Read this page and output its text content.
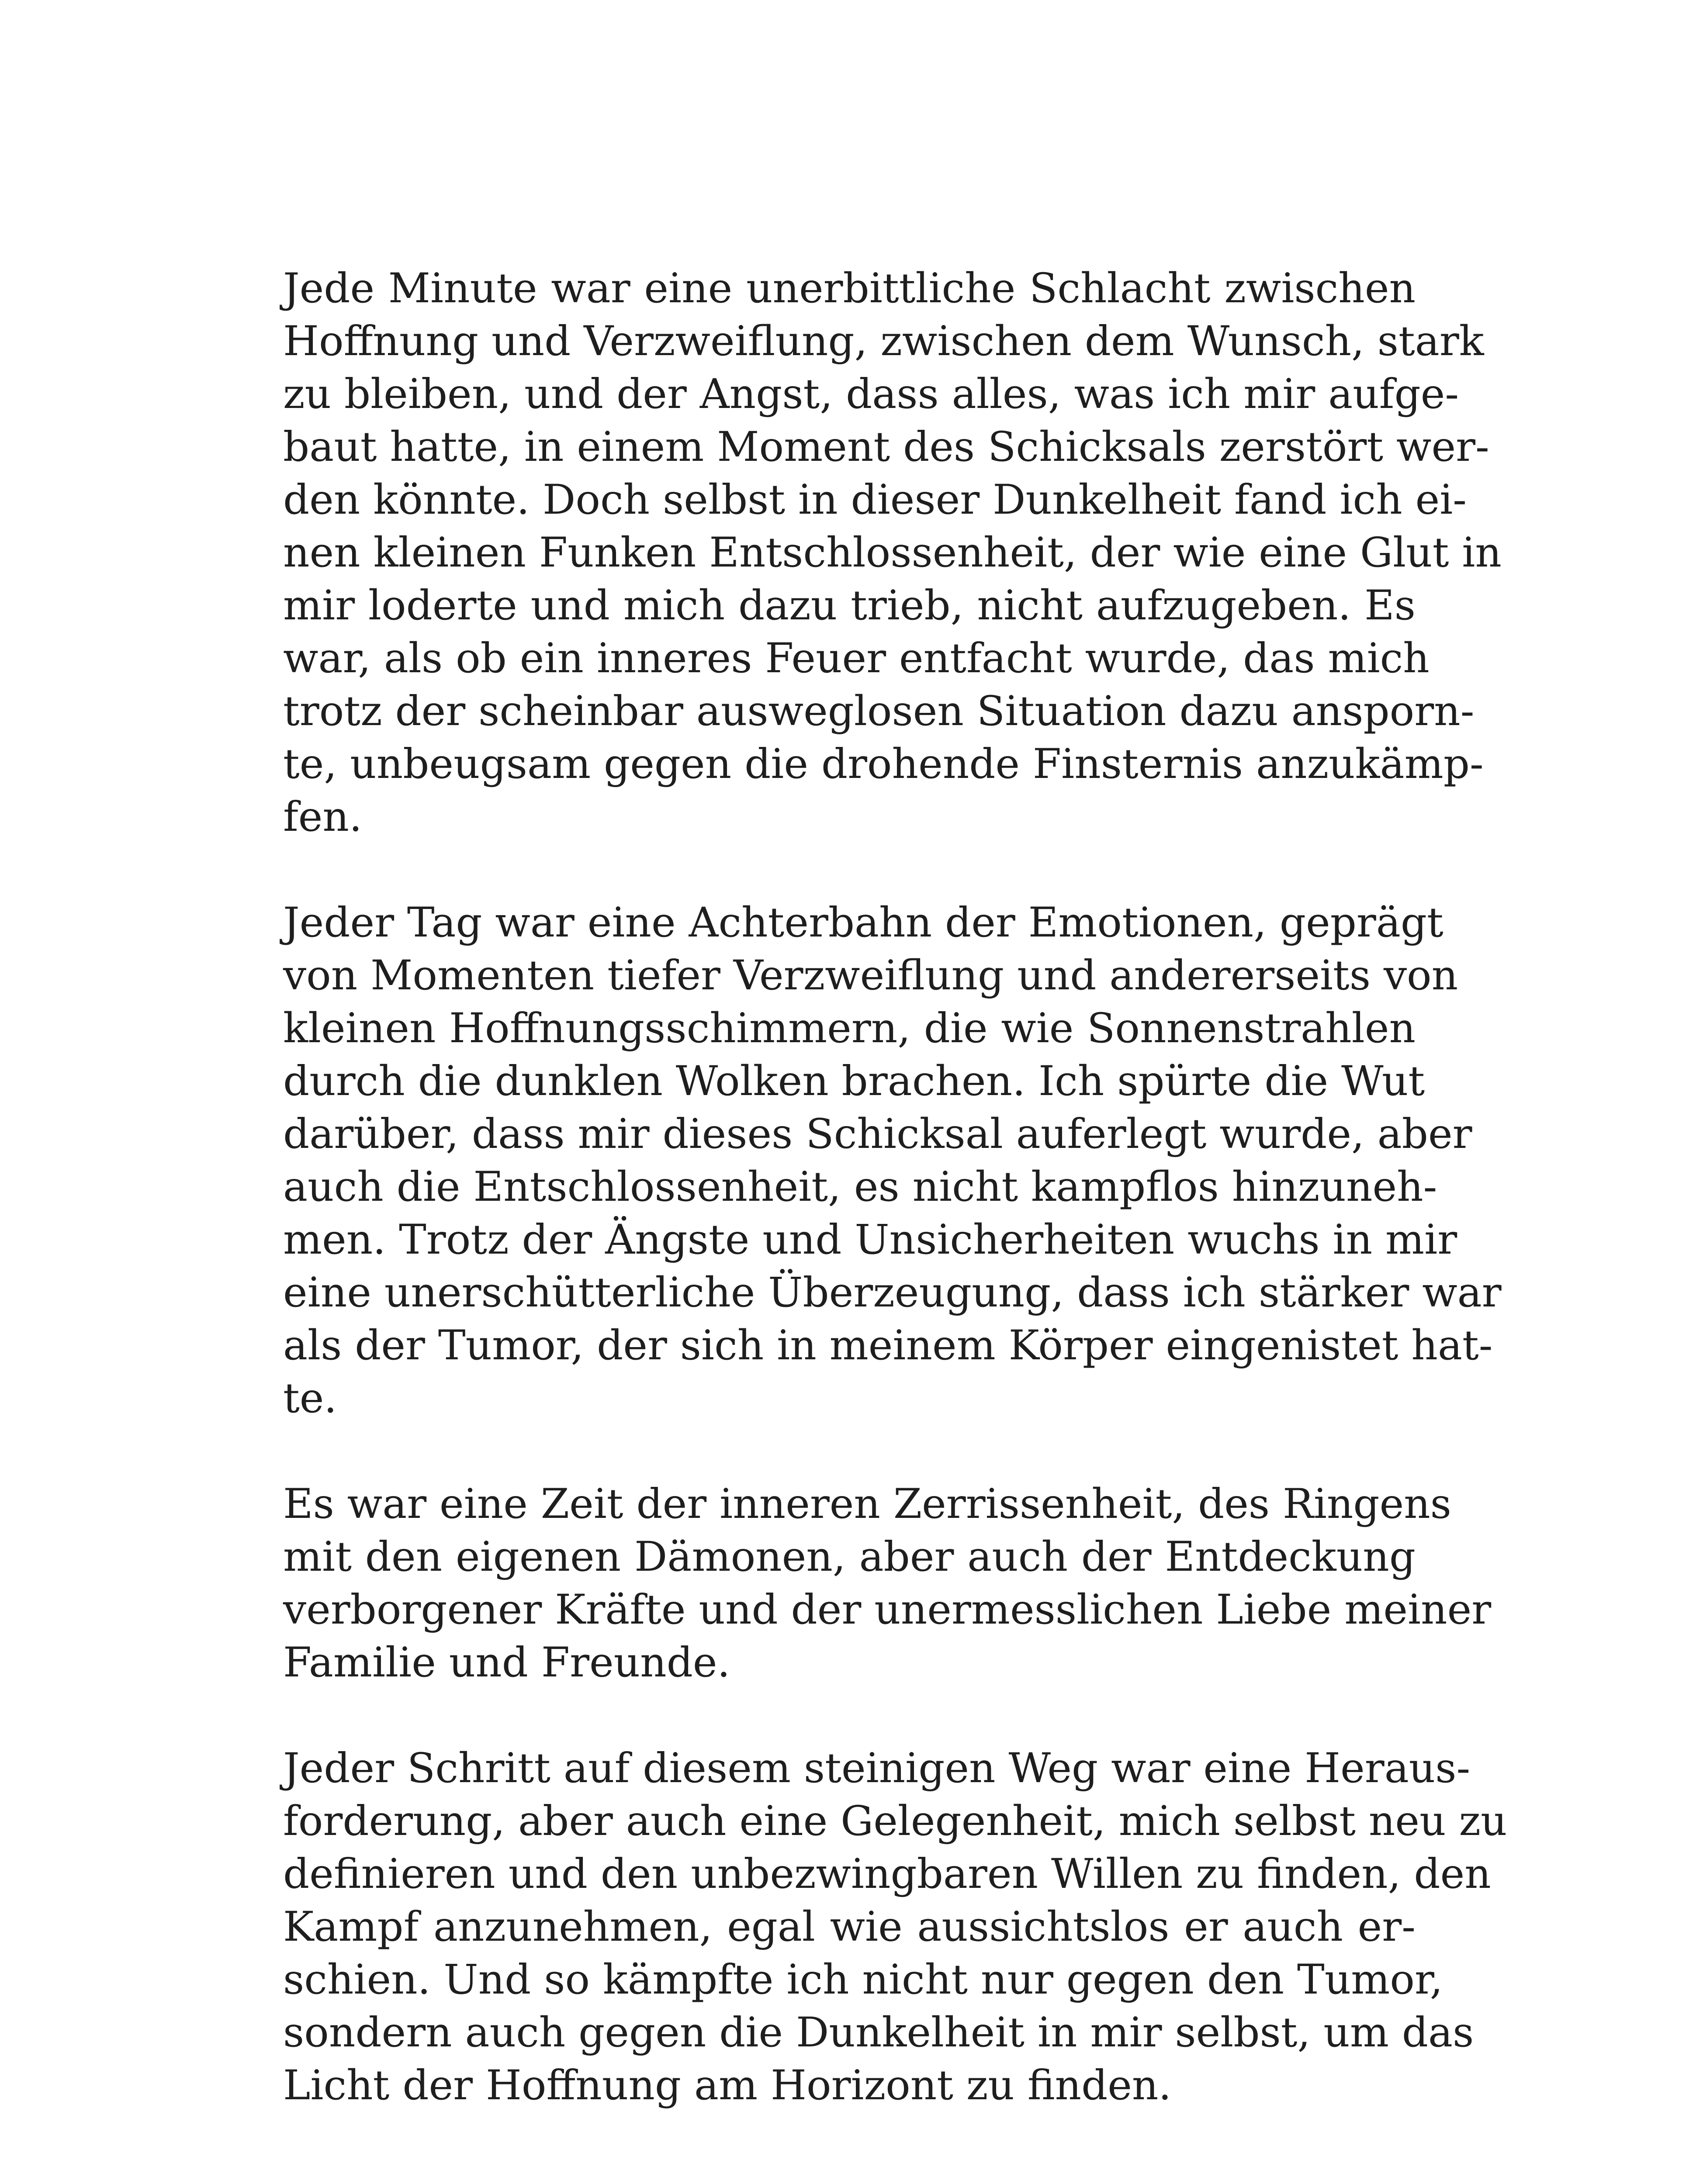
Jede Minute war eine unerbittliche Schlacht zwischen
Hoffnung und Verzweiflung, zwischen dem Wunsch, stark
zu bleiben, und der Angst, dass alles, was ich mir aufge-
baut hatte, in einem Moment des Schicksals zerstört wer-
den könnte. Doch selbst in dieser Dunkelheit fand ich ei-
nen kleinen Funken Entschlossenheit, der wie eine Glut in
mir loderte und mich dazu trieb, nicht aufzugeben. Es
war, als ob ein inneres Feuer entfacht wurde, das mich
trotz der scheinbar ausweglosen Situation dazu ansporn-
te, unbeugsam gegen die drohende Finsternis anzukämp-
fen.
Jeder Tag war eine Achterbahn der Emotionen, geprägt
von Momenten tiefer Verzweiflung und andererseits von
kleinen Hoffnungsschimmern, die wie Sonnenstrahlen
durch die dunklen Wolken brachen. Ich spürte die Wut
darüber, dass mir dieses Schicksal auferlegt wurde, aber
auch die Entschlossenheit, es nicht kampflos hinzuneh-
men. Trotz der Ängste und Unsicherheiten wuchs in mir
eine unerschütterliche Überzeugung, dass ich stärker war
als der Tumor, der sich in meinem Körper eingenistet hat-
te.
Es war eine Zeit der inneren Zerrissenheit, des Ringens
mit den eigenen Dämonen, aber auch der Entdeckung
verborgener Kräfte und der unermesslichen Liebe meiner
Familie und Freunde.
Jeder Schritt auf diesem steinigen Weg war eine Heraus-
forderung, aber auch eine Gelegenheit, mich selbst neu zu
definieren und den unbezwingbaren Willen zu finden, den
Kampf anzunehmen, egal wie aussichtslos er auch er-
schien. Und so kämpfte ich nicht nur gegen den Tumor,
sondern auch gegen die Dunkelheit in mir selbst, um das
Licht der Hoffnung am Horizont zu finden.
